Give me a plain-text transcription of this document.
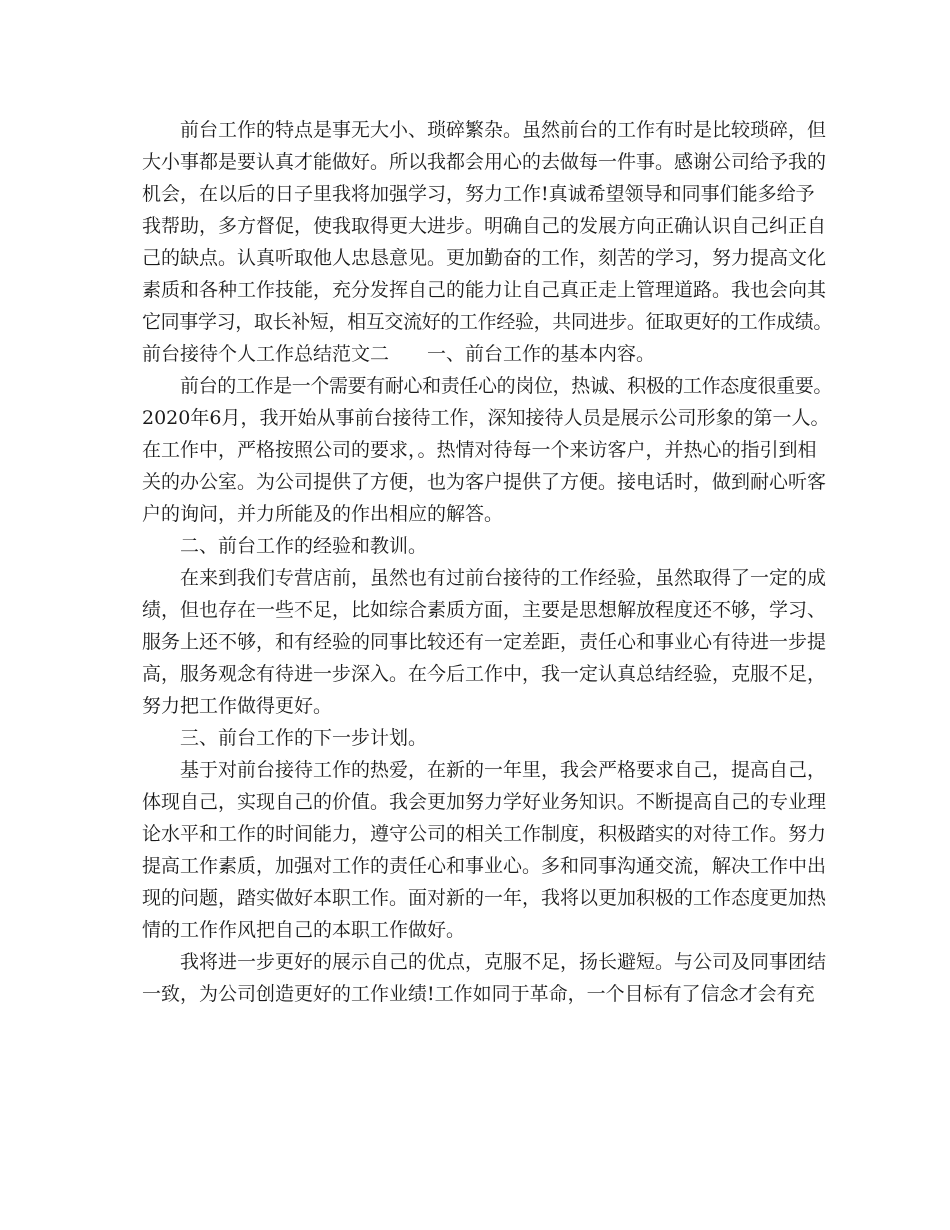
前台工作的特点是事无大小、琐碎繁杂。虽然前台的工作有时是比较琐碎，但
大小事都是要认真才能做好。所以我都会用心的去做每一件事。感谢公司给予我的
机会，在以后的日子里我将加强学习，努力工作!真诚希望领导和同事们能多给予
我帮助，多方督促，使我取得更大进步。明确自己的发展方向正确认识自己纠正自
己的缺点。认真听取他人忠恳意见。更加勤奋的工作，刻苦的学习，努力提高文化
素质和各种工作技能，充分发挥自己的能力让自己真正走上管理道路。我也会向其
它同事学习，取长补短，相互交流好的工作经验，共同进步。征取更好的工作成绩。
前台接待个人工作总结范文二　　一、前台工作的基本内容。
前台的工作是一个需要有耐心和责任心的岗位，热诚、积极的工作态度很重要。
2020年6月，我开始从事前台接待工作，深知接待人员是展示公司形象的第一人。
在工作中，严格按照公司的要求，。热情对待每一个来访客户，并热心的指引到相
关的办公室。为公司提供了方便，也为客户提供了方便。接电话时，做到耐心听客
户的询问，并力所能及的作出相应的解答。
二、前台工作的经验和教训。
在来到我们专营店前，虽然也有过前台接待的工作经验，虽然取得了一定的成
绩，但也存在一些不足，比如综合素质方面，主要是思想解放程度还不够，学习、
服务上还不够，和有经验的同事比较还有一定差距，责任心和事业心有待进一步提
高，服务观念有待进一步深入。在今后工作中，我一定认真总结经验，克服不足，
努力把工作做得更好。
三、前台工作的下一步计划。
基于对前台接待工作的热爱，在新的一年里，我会严格要求自己，提高自己，
体现自己，实现自己的价值。我会更加努力学好业务知识。不断提高自己的专业理
论水平和工作的时间能力，遵守公司的相关工作制度，积极踏实的对待工作。努力
提高工作素质，加强对工作的责任心和事业心。多和同事沟通交流，解决工作中出
现的问题，踏实做好本职工作。面对新的一年，我将以更加积极的工作态度更加热
情的工作作风把自己的本职工作做好。
我将进一步更好的展示自己的优点，克服不足，扬长避短。与公司及同事团结
一致，为公司创造更好的工作业绩!工作如同于革命，一个目标有了信念才会有充
